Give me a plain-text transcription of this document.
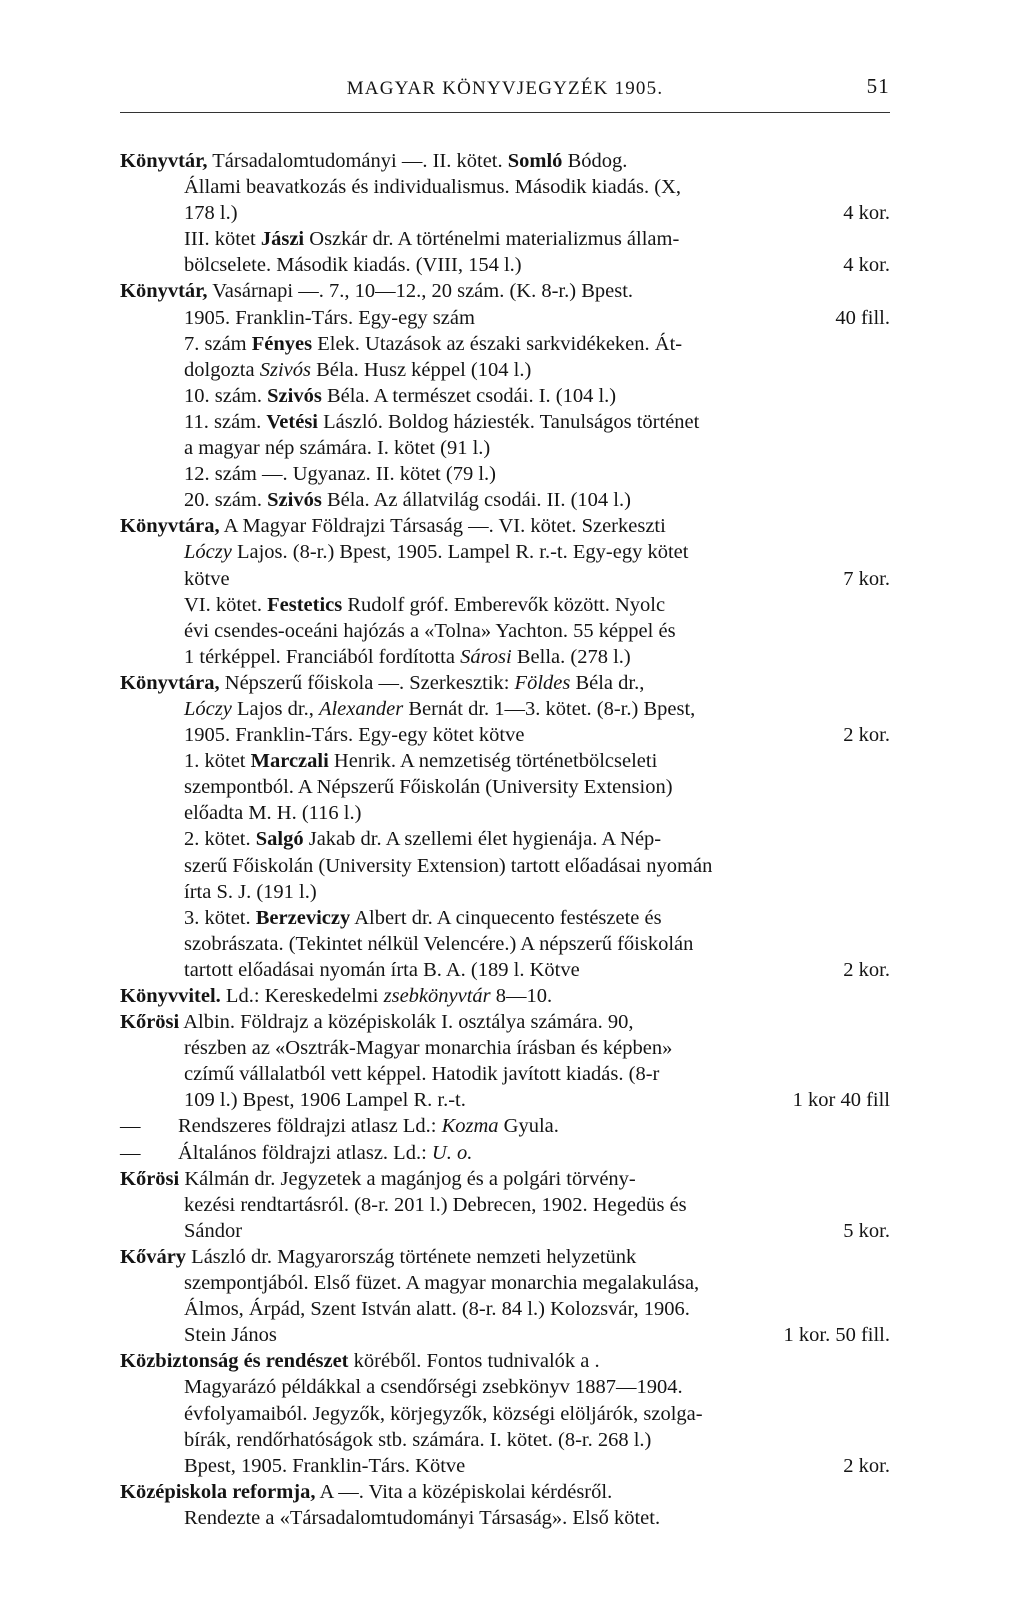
MAGYAR KÖNYVJEGYZÉK 1905.	51
Könyvtár, Társadalomtudományi —. II. kötet. Somló Bódog.
Állami beavatkozás és individualismus. Második kiadás. (X,
178 l.)	4 kor.
III. kötet Jászi Oszkár dr. A történelmi materializmus állam-
bölcselete. Második kiadás. (VIII, 154 l.)	4 kor.
Könyvtár, Vasárnapi —. 7., 10—12., 20 szám. (K. 8-r.) Bpest.
1905. Franklin-Társ. Egy-egy szám	40 fill.
7. szám Fényes Elek. Utazások az északi sarkvidékeken. Át-
dolgozta Szivós Béla. Husz képpel (104 l.)
10. szám. Szivós Béla. A természet csodái. I. (104 l.)
11. szám. Vetési László. Boldog háziesték. Tanulságos történet
a magyar nép számára. I. kötet (91 l.)
12. szám —. Ugyanaz. II. kötet (79 l.)
20. szám. Szivós Béla. Az állatvilág csodái. II. (104 l.)
Könyvtára, A Magyar Földrajzi Társaság —. VI. kötet. Szerkeszti
Lóczy Lajos. (8-r.) Bpest, 1905. Lampel R. r.-t. Egy-egy kötet
kötve	7 kor.
VI. kötet. Festetics Rudolf gróf. Emberevők között. Nyolc
évi csendes-oceáni hajózás a «Tolna» Yachton. 55 képpel és
1 térképpel. Franciából fordította Sárosi Bella. (278 l.)
Könyvtára, Népszerű főiskola —. Szerkesztik: Földes Béla dr.,
Lóczy Lajos dr., Alexander Bernát dr. 1—3. kötet. (8-r.) Bpest,
1905. Franklin-Társ. Egy-egy kötet kötve	2 kor.
1. kötet Marczali Henrik. A nemzetiség történetbölcseleti
szempontból. A Népszerű Főiskolán (University Extension)
előadta M. H. (116 l.)
2. kötet. Salgó Jakab dr. A szellemi élet hygienája. A Nép-
szerű Főiskolán (University Extension) tartott előadásai nyomán
írta S. J. (191 l.)
3. kötet. Berzeviczy Albert dr. A cinquecento festészete és
szobrászata. (Tekintet nélkül Velencére.) A népszerű főiskolán
tartott előadásai nyomán írta B. A. (189 l. Kötve	2 kor.
Könyvvitel. Ld.: Kereskedelmi zsebkönyvtár 8—10.
Kőrösi Albin. Földrajz a középiskolák I. osztálya számára. 90,
részben az «Osztrák-Magyar monarchia írásban és képben»
czímű vállalatból vett képpel. Hatodik javított kiadás. (8-r
109 l.) Bpest, 1906 Lampel R. r.-t.	1 kor 40 fill
— Rendszeres földrajzi atlasz Ld.: Kozma Gyula.
— Általános földrajzi atlasz. Ld.: U. o.
Kőrösi Kálmán dr. Jegyzetek a magánjog és a polgári törvény-
kezési rendtartásról. (8-r. 201 l.) Debrecen, 1902. Hegedüs és
Sándor	5 kor.
Kőváry László dr. Magyarország története nemzeti helyzetünk
szempontjából. Első füzet. A magyar monarchia megalakulása,
Álmos, Árpád, Szent István alatt. (8-r. 84 l.) Kolozsvár, 1906.
Stein János	1 kor. 50 fill.
Közbiztonság és rendészet köréből. Fontos tudnivalók a .
Magyarázó példákkal a csendőrségi zsebkönyv 1887—1904.
évfolyamaiból. Jegyzők, körjegyzők, községi elöljárók, szolga-
bírák, rendőrhatóságok stb. számára. I. kötet. (8-r. 268 l.)
Bpest, 1905. Franklin-Társ. Kötve	2 kor.
Középiskola reformja, A —. Vita a középiskolai kérdésről.
Rendezte a «Társadalomtudományi Társaság». Első kötet.
